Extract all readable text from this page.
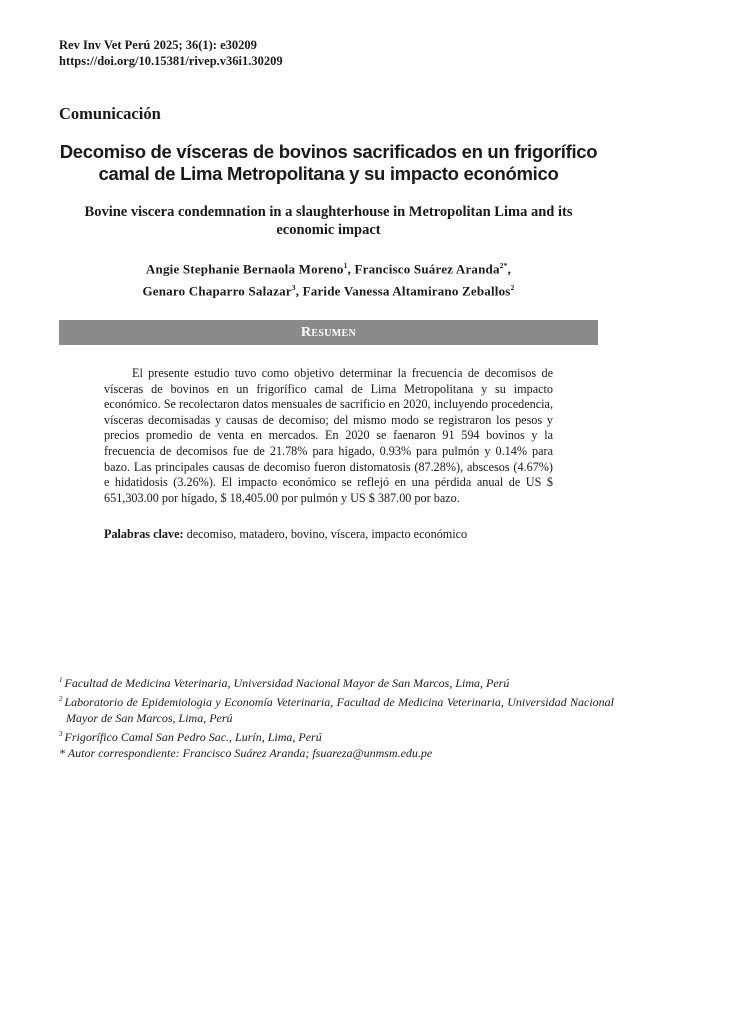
Rev Inv Vet Perú 2025; 36(1): e30209
https://doi.org/10.15381/rivep.v36i1.30209
Comunicación
Decomiso de vísceras de bovinos sacrificados en un frigorífico camal de Lima Metropolitana y su impacto económico
Bovine viscera condemnation in a slaughterhouse in Metropolitan Lima and its economic impact
Angie Stephanie Bernaola Moreno$^1$, Francisco Suárez Aranda$^{2*}$,
Genaro Chaparro Salazar$^3$, Faride Vanessa Altamirano Zeballos$^2$
Resumen

El presente estudio tuvo como objetivo determinar la frecuencia de decomisos de vísceras de bovinos en un frigorífico camal de Lima Metropolitana y su impacto económico. Se recolectaron datos mensuales de sacrificio en 2020, incluyendo procedencia, vísceras decomisadas y causas de decomiso; del mismo modo se registraron los pesos y precios promedio de venta en mercados. En 2020 se faenaron 91 594 bovinos y la frecuencia de decomisos fue de 21.78% para hígado, 0.93% para pulmón y 0.14% para bazo. Las principales causas de decomiso fueron distomatosis (87.28%), abscesos (4.67%) e hidatidosis (3.26%). El impacto económico se reflejó en una pérdida anual de US $ 651,303.00 por hígado, $ 18,405.00 por pulmón y US $ 387.00 por bazo.

Palabras clave: decomiso, matadero, bovino, víscera, impacto económico
$^1$ Facultad de Medicina Veterinaria, Universidad Nacional Mayor de San Marcos, Lima, Perú
$^2$ Laboratorio de Epidemiologia y Economía Veterinaria, Facultad de Medicina Veterinaria, Universidad Nacional Mayor de San Marcos, Lima, Perú
$^3$ Frigorífico Camal San Pedro Sac., Lurín, Lima, Perú
* Autor correspondiente: Francisco Suárez Aranda; fsuareza@unmsm.edu.pe
